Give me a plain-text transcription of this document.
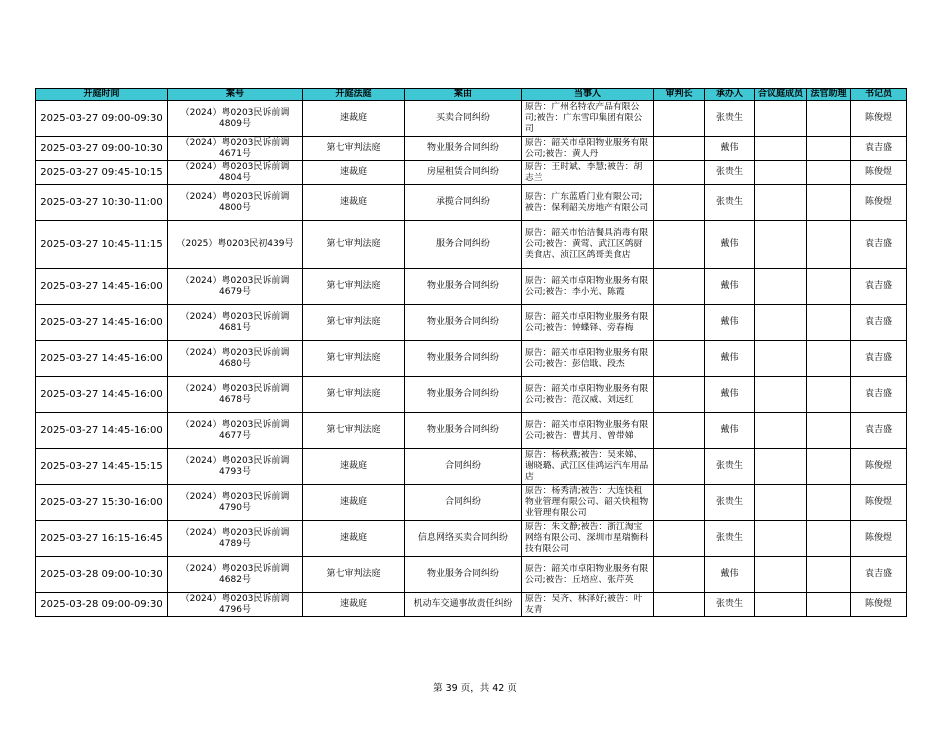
开庭时间	案号	开庭法庭	案由	当事人	审判长	承办人	合议庭成员	法官助理	书记员
2025-03-27 09:00-09:30	（2024）粤0203民诉前调4809号	速裁庭	买卖合同纠纷	原告：广州名特农产品有限公司;被告：广东雪印集团有限公司		张贵生			陈俊煜
2025-03-27 09:00-10:30	（2024）粤0203民诉前调4671号	第七审判法庭	物业服务合同纠纷	原告：韶关市卓阳物业服务有限公司;被告：黄人丹		戴伟			袁吉盛
2025-03-27 09:45-10:15	（2024）粤0203民诉前调4804号	速裁庭	房屋租赁合同纠纷	原告：王时斌、李慧;被告：胡志兰		张贵生			陈俊煜
2025-03-27 10:30-11:00	（2024）粤0203民诉前调4800号	速裁庭	承揽合同纠纷	原告：广东蓝盾门业有限公司;被告：保利韶关房地产有限公司		张贵生			陈俊煜
2025-03-27 10:45-11:15	（2025）粤0203民初439号	第七审判法庭	服务合同纠纷	原告：韶关市怡洁餐具消毒有限公司;被告：黄莺、武江区鸽厨美食店、浈江区鸽哥美食店		戴伟			袁吉盛
2025-03-27 14:45-16:00	（2024）粤0203民诉前调4679号	第七审判法庭	物业服务合同纠纷	原告：韶关市卓阳物业服务有限公司;被告：李小光、陈霞		戴伟			袁吉盛
2025-03-27 14:45-16:00	（2024）粤0203民诉前调4681号	第七审判法庭	物业服务合同纠纷	原告：韶关市卓阳物业服务有限公司;被告：钟蝶铎、旁春梅		戴伟			袁吉盛
2025-03-27 14:45-16:00	（2024）粤0203民诉前调4680号	第七审判法庭	物业服务合同纠纷	原告：韶关市卓阳物业服务有限公司;被告：彭信戢、段杰		戴伟			袁吉盛
2025-03-27 14:45-16:00	（2024）粤0203民诉前调4678号	第七审判法庭	物业服务合同纠纷	原告：韶关市卓阳物业服务有限公司;被告：范汉威、刘远红		戴伟			袁吉盛
2025-03-27 14:45-16:00	（2024）粤0203民诉前调4677号	第七审判法庭	物业服务合同纠纷	原告：韶关市卓阳物业服务有限公司;被告：曹其月、曾带娣		戴伟			袁吉盛
2025-03-27 14:45-15:15	（2024）粤0203民诉前调4793号	速裁庭	合同纠纷	原告：杨秋燕;被告：吴来娣、谢晓璐、武江区佳鸿运汽车用品店		张贵生			陈俊煜
2025-03-27 15:30-16:00	（2024）粤0203民诉前调4790号	速裁庭	合同纠纷	原告：杨秀清;被告：大连快租物业管理有限公司、韶关快租物业管理有限公司		张贵生			陈俊煜
2025-03-27 16:15-16:45	（2024）粤0203民诉前调4789号	速裁庭	信息网络买卖合同纠纷	原告：朱文静;被告：浙江淘宝网络有限公司、深圳市星瑞衡科技有限公司		张贵生			陈俊煜
2025-03-28 09:00-10:30	（2024）粤0203民诉前调4682号	第七审判法庭	物业服务合同纠纷	原告：韶关市卓阳物业服务有限公司;被告：丘培应、张芹英		戴伟			袁吉盛
2025-03-28 09:00-09:30	（2024）粤0203民诉前调4796号	速裁庭	机动车交通事故责任纠纷	原告：吴齐、林泽好;被告：叶友青		张贵生			陈俊煜
第 39 页，共 42 页
